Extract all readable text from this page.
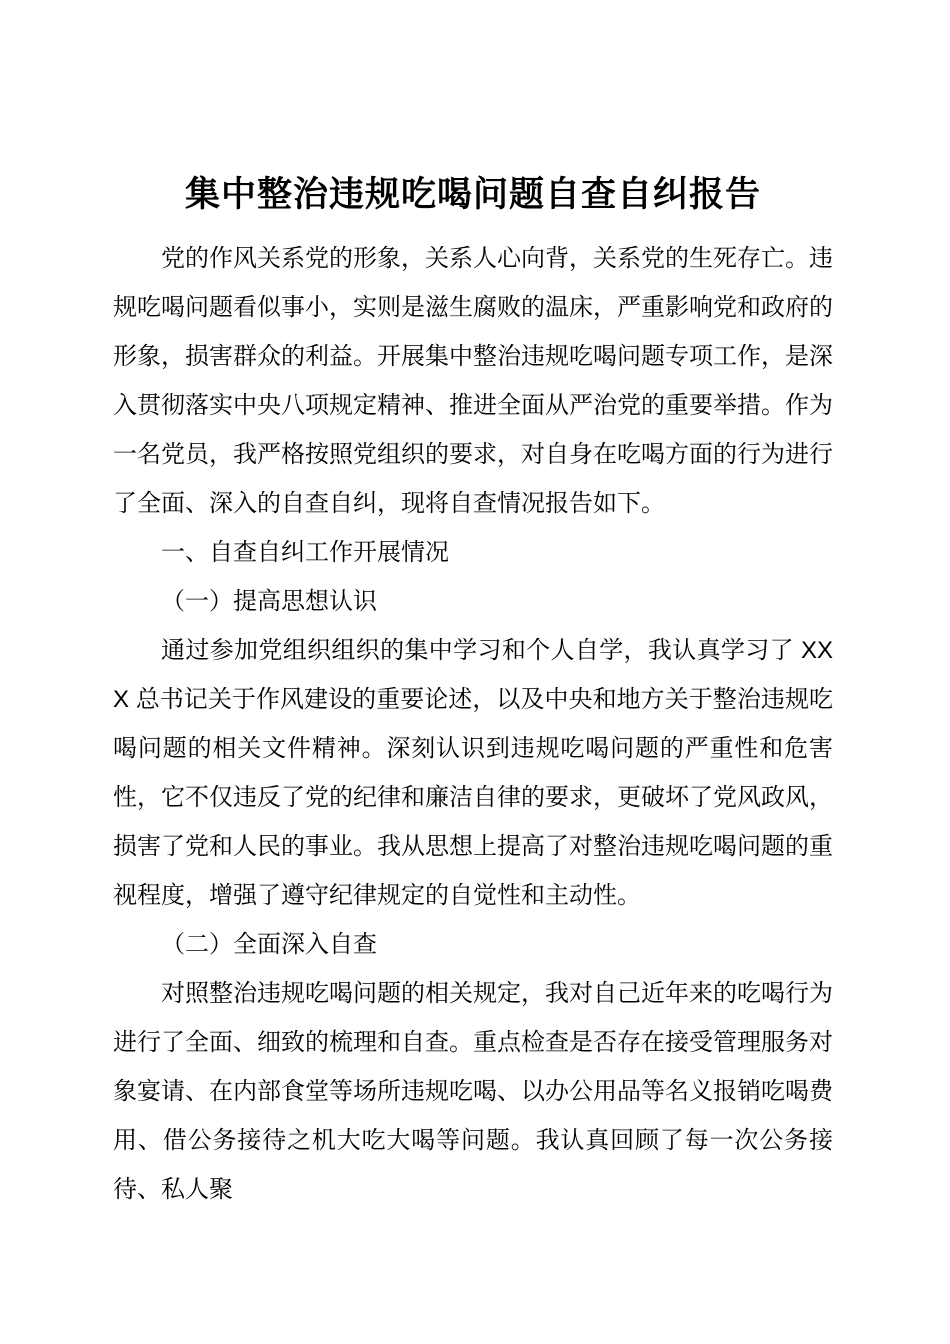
集中整治违规吃喝问题自查自纠报告

党的作风关系党的形象，关系人心向背，关系党的生死存亡。违规吃喝问题看似事小，实则是滋生腐败的温床，严重影响党和政府的形象，损害群众的利益。开展集中整治违规吃喝问题专项工作，是深入贯彻落实中央八项规定精神、推进全面从严治党的重要举措。作为一名党员，我严格按照党组织的要求，对自身在吃喝方面的行为进行了全面、深入的自查自纠，现将自查情况报告如下。

一、自查自纠工作开展情况

（一）提高思想认识

通过参加党组织组织的集中学习和个人自学，我认真学习了 XXX 总书记关于作风建设的重要论述，以及中央和地方关于整治违规吃喝问题的相关文件精神。深刻认识到违规吃喝问题的严重性和危害性，它不仅违反了党的纪律和廉洁自律的要求，更破坏了党风政风，损害了党和人民的事业。我从思想上提高了对整治违规吃喝问题的重视程度，增强了遵守纪律规定的自觉性和主动性。

（二）全面深入自查

对照整治违规吃喝问题的相关规定，我对自己近年来的吃喝行为进行了全面、细致的梳理和自查。重点检查是否存在接受管理服务对象宴请、在内部食堂等场所违规吃喝、以办公用品等名义报销吃喝费用、借公务接待之机大吃大喝等问题。我认真回顾了每一次公务接待、私人聚
